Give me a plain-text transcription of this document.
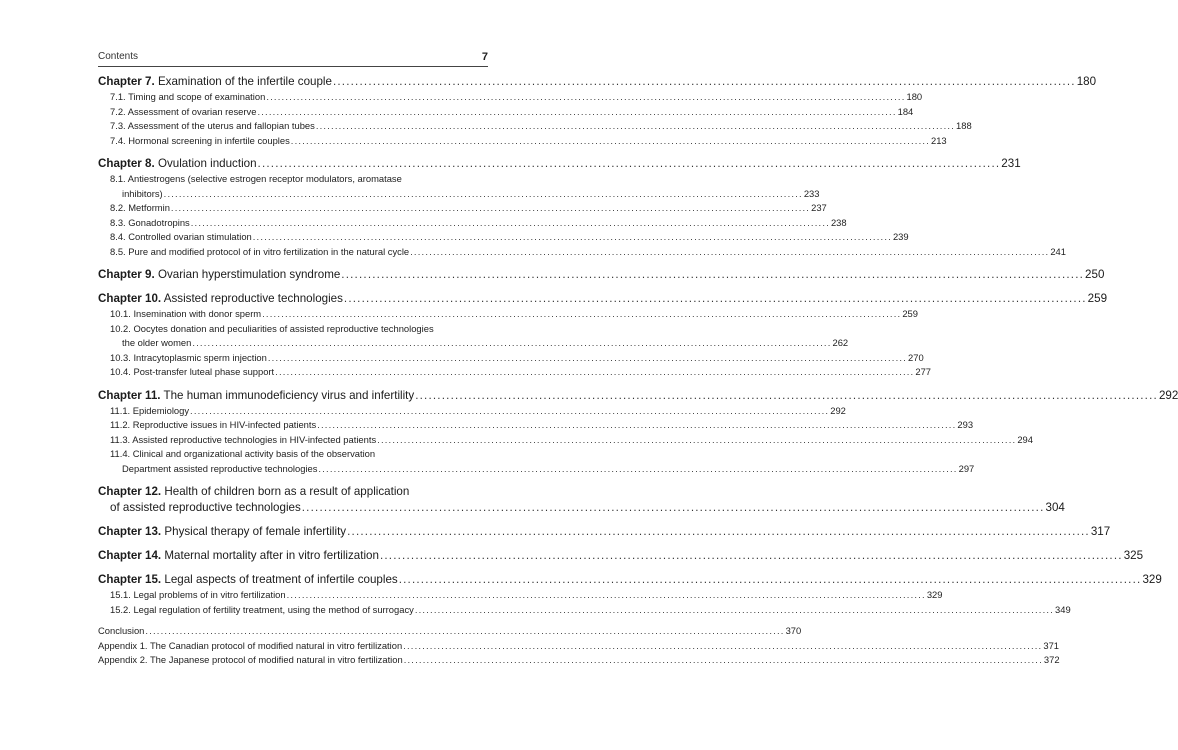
Contents	7
Chapter 7. Examination of the infertile couple .....	180
7.1. Timing and scope of examination .....	180
7.2. Assessment of ovarian reserve .....	184
7.3. Assessment of the uterus and fallopian tubes .....	188
7.4. Hormonal screening in infertile couples .....	213
Chapter 8. Ovulation induction .....	231
8.1. Antiestrogens (selective estrogen receptor modulators, aromatase
inhibitors) .....	233
8.2. Metformin .....	237
8.3. Gonadotropins .....	238
8.4. Controlled ovarian stimulation .....	239
8.5. Pure and modified protocol of in vitro fertilization in the natural cycle .....	241
Chapter 9. Ovarian hyperstimulation syndrome .....	250
Chapter 10. Assisted reproductive technologies .....	259
10.1. Insemination with donor sperm .....	259
10.2. Oocytes donation and peculiarities of assisted reproductive technologies
the older women .....	262
10.3. Intracytoplasmic sperm injection .....	270
10.4. Post-transfer luteal phase support .....	277
Chapter 11. The human immunodeficiency virus and infertility .....	292
11.1. Epidemiology .....	292
11.2. Reproductive issues in HIV-infected patients .....	293
11.3. Assisted reproductive technologies in HIV-infected patients .....	294
11.4. Clinical and organizational activity basis of the observation
Department assisted reproductive technologies .....	297
Chapter 12. Health of children born as a result of application
of assisted reproductive technologies .....	304
Chapter 13. Physical therapy of female infertility .....	317
Chapter 14. Maternal mortality after in vitro fertilization .....	325
Chapter 15. Legal aspects of treatment of infertile couples .....	329
15.1. Legal problems of in vitro fertilization .....	329
15.2. Legal regulation of fertility treatment, using the method of surrogacy .....	349
Conclusion .....	370
Appendix 1. The Canadian protocol of modified natural in vitro fertilization .....	371
Appendix 2. The Japanese protocol of modified natural in vitro fertilization .....	372
